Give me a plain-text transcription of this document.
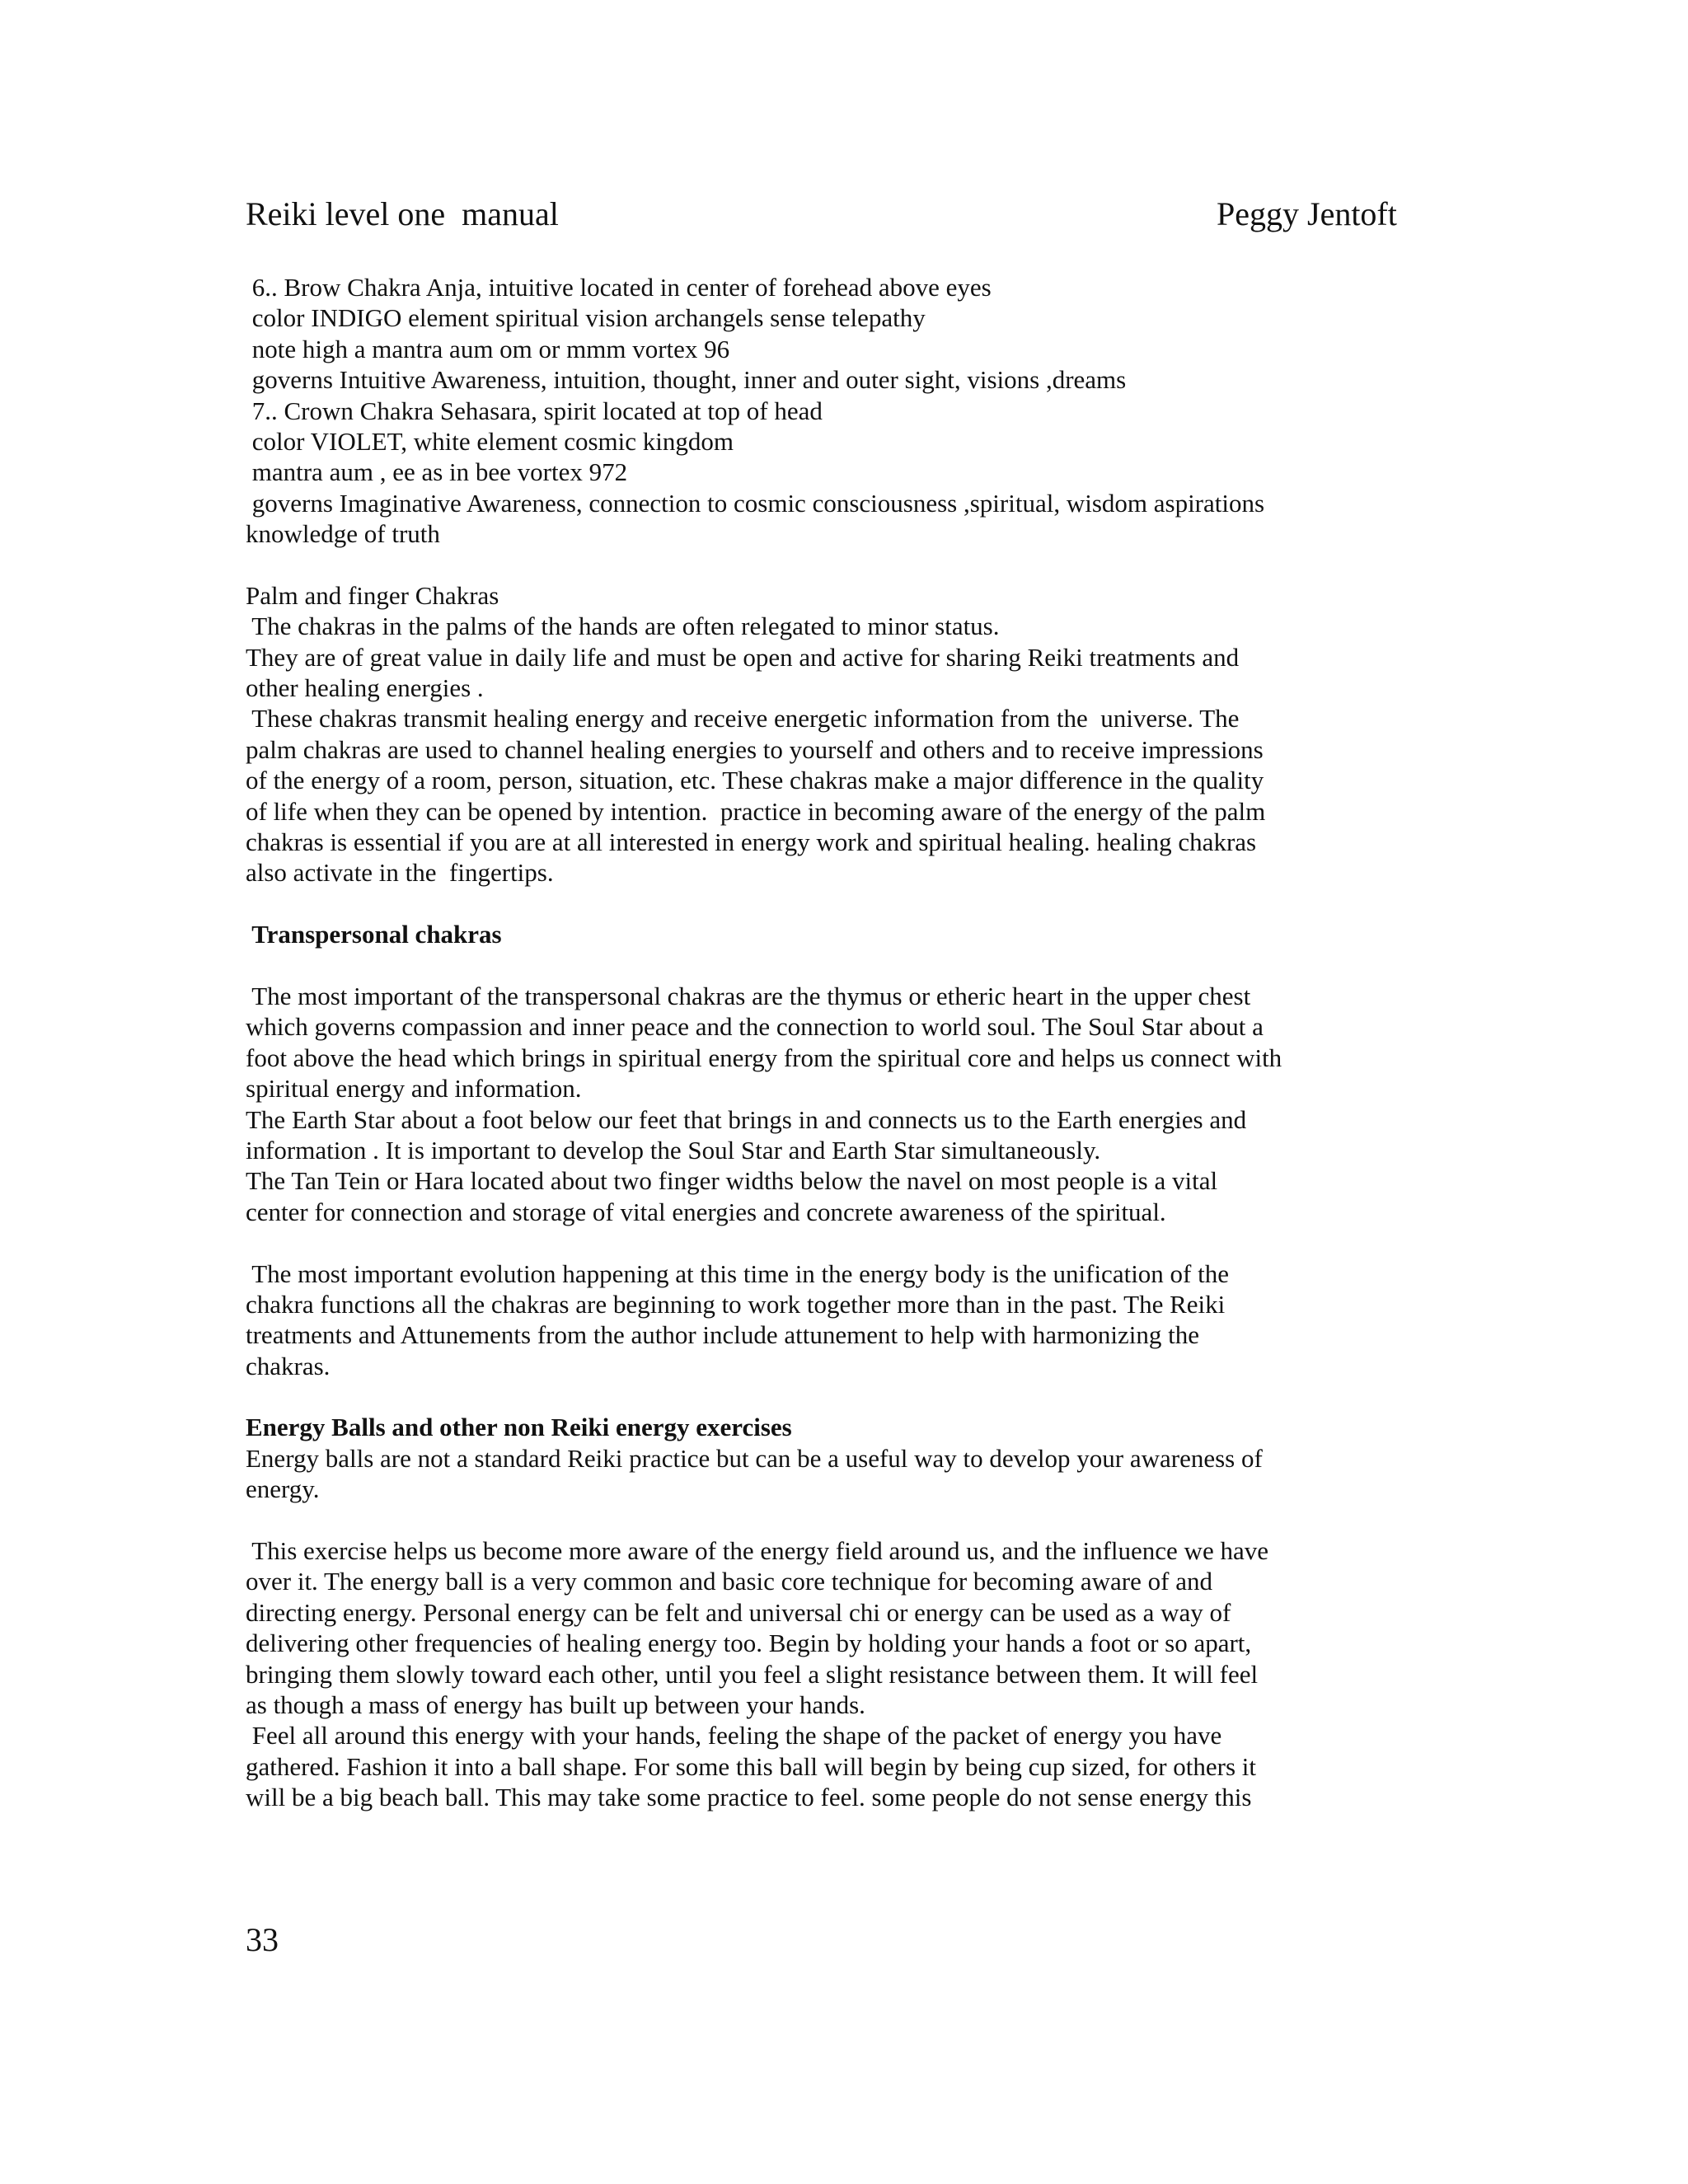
Reiki level one  manual	Peggy Jentoft
6.. Brow Chakra Anja, intuitive located in center of forehead above eyes
color INDIGO element spiritual vision archangels sense telepathy
note high a mantra aum om or mmm vortex 96
governs Intuitive Awareness, intuition, thought, inner and outer sight, visions ,dreams
7.. Crown Chakra Sehasara, spirit located at top of head
color VIOLET, white element cosmic kingdom
mantra aum , ee as in bee vortex 972
governs Imaginative Awareness, connection to cosmic consciousness ,spiritual, wisdom aspirations
knowledge of truth
Palm and finger Chakras
The chakras in the palms of the hands are often relegated to minor status.
They are of great value in daily life and must be open and active for sharing Reiki treatments and
other healing energies .
These chakras transmit healing energy and receive energetic information from the  universe. The
palm chakras are used to channel healing energies to yourself and others and to receive impressions
of the energy of a room, person, situation, etc. These chakras make a major difference in the quality
of life when they can be opened by intention.  practice in becoming aware of the energy of the palm
chakras is essential if you are at all interested in energy work and spiritual healing. healing chakras
also activate in the  fingertips.
Transpersonal chakras
The most important of the transpersonal chakras are the thymus or etheric heart in the upper chest
which governs compassion and inner peace and the connection to world soul. The Soul Star about a
foot above the head which brings in spiritual energy from the spiritual core and helps us connect with
spiritual energy and information.
The Earth Star about a foot below our feet that brings in and connects us to the Earth energies and
information . It is important to develop the Soul Star and Earth Star simultaneously.
The Tan Tein or Hara located about two finger widths below the navel on most people is a vital
center for connection and storage of vital energies and concrete awareness of the spiritual.
The most important evolution happening at this time in the energy body is the unification of the
chakra functions all the chakras are beginning to work together more than in the past. The Reiki
treatments and Attunements from the author include attunement to help with harmonizing the
chakras.
Energy Balls and other non Reiki energy exercises
Energy balls are not a standard Reiki practice but can be a useful way to develop your awareness of
energy.
This exercise helps us become more aware of the energy field around us, and the influence we have
over it. The energy ball is a very common and basic core technique for becoming aware of and
directing energy. Personal energy can be felt and universal chi or energy can be used as a way of
delivering other frequencies of healing energy too. Begin by holding your hands a foot or so apart,
bringing them slowly toward each other, until you feel a slight resistance between them. It will feel
as though a mass of energy has built up between your hands.
Feel all around this energy with your hands, feeling the shape of the packet of energy you have
gathered. Fashion it into a ball shape. For some this ball will begin by being cup sized, for others it
will be a big beach ball. This may take some practice to feel. some people do not sense energy this
33
